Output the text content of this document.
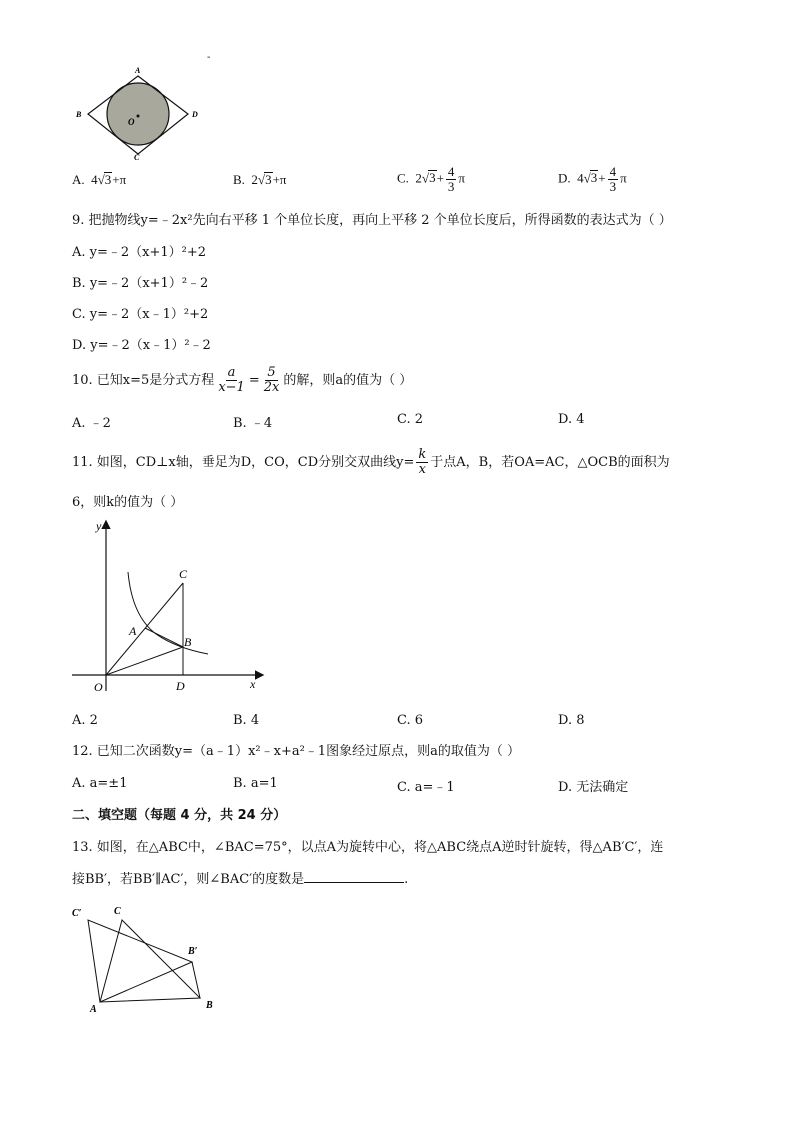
A
B
C
D
O
-
A. 4√3+π	B. 2√3+π	C. $2√3+ \frac{4}{3}$ π	D. $4√3+ \frac{4}{3}$ π
9. 把抛物线y=﹣2x²先向右平移 1 个单位长度，再向上平移 2 个单位长度后，所得函数的表达式为（ ）
A. y=﹣2（x+1）²+2
B. y=﹣2（x+1）²﹣2
C. y=﹣2（x﹣1）²+2
D. y=﹣2（x﹣1）²﹣2
10. 已知x=5是分式方程 $\frac{a}{x-1} = \frac{5}{2x}$ 的解，则a的值为（ ）
A. ﹣2	B. ﹣4	C. 2	D. 4
11. 如图，CD⊥x轴，垂足为D，CO，CD分别交双曲线$y= \frac{k}{x}$ 于点A，B，若OA=AC，△OCB的面积为
6，则k的值为（ ）
y
x
O
C
A
B
D
A. 2	B. 4	C. 6	D. 8
12. 已知二次函数y=（a﹣1）x²﹣x+a²﹣1图象经过原点，则a的取值为（ ）
A. a=±1	B. a=1	C. a=﹣1	D. 无法确定
二、填空题（每题 4 分，共 24 分）
13. 如图，在△ABC中，∠BAC=75°，以点A为旋转中心，将△ABC绕点A逆时针旋转，得△AB′C′，连
接BB′，若BB′∥AC′，则∠BAC′的度数是	.
C′	C
B′
A	B
